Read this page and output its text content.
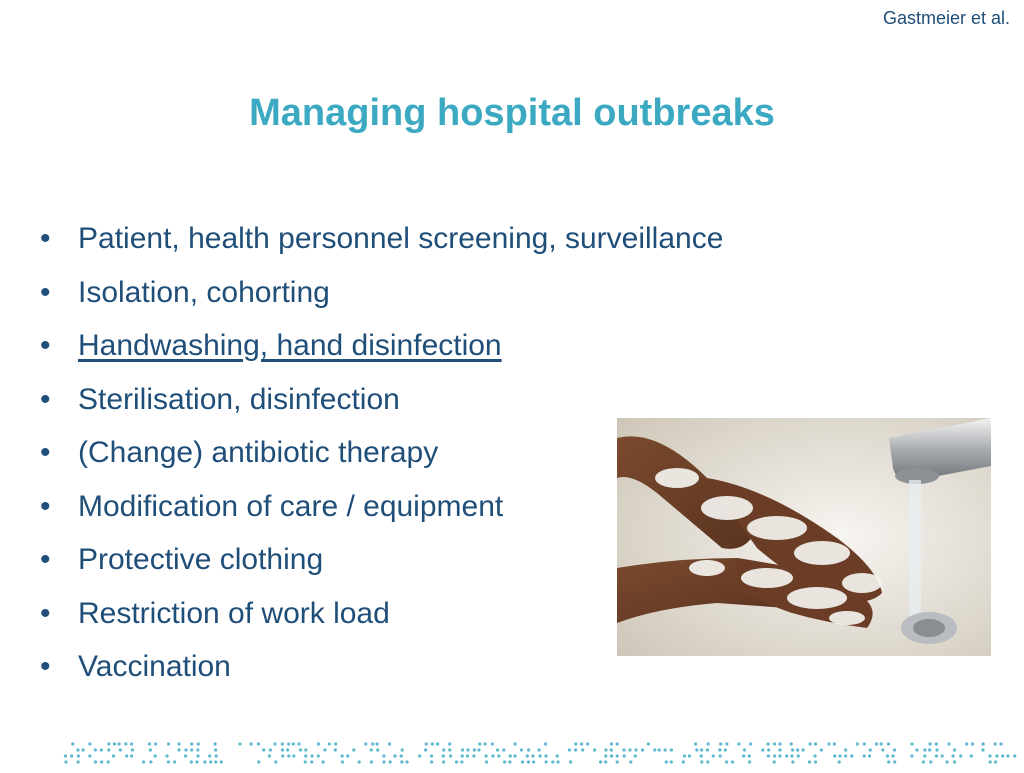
Gastmeier et al.
Managing hospital outbreaks
• Patient, health personnel screening, surveillance
• Isolation, cohorting
• Handwashing, hand disinfection
• Sterilisation, disinfection
• (Change) antibiotic therapy
• Modification of care / equipment
• Protective clothing
• Restriction of work load
• Vaccination
